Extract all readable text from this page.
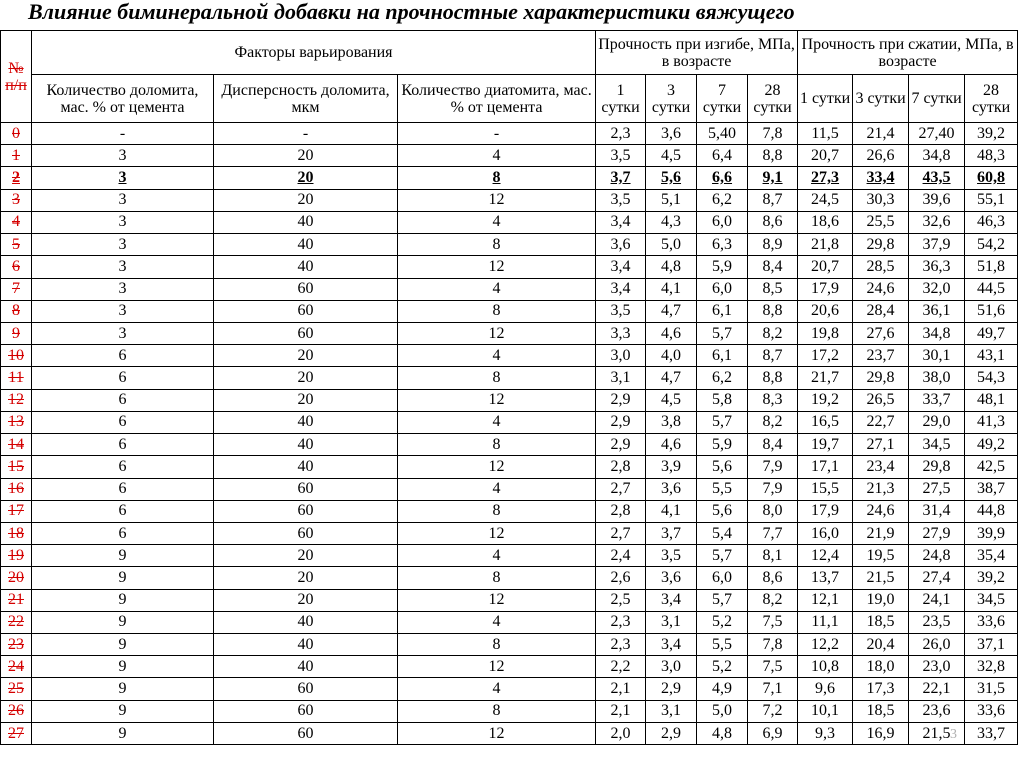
Влияние биминеральной добавки на прочностные характеристики вяжущего
№ п/п	Факторы варьирования			Прочность при изгибе, МПа, в возрасте				Прочность при сжатии, МПа, в возрасте			
	Количество доломита, мас. % от цемента	Дисперсность доломита, мкм	Количество диатомита, мас. % от цемента	1 сутки	3 сутки	7 сутки	28 сутки	1 сутки	3 сутки	7 сутки	28 сутки
0	-	-	-	2,3	3,6	5,40	7,8	11,5	21,4	27,40	39,2
1	3	20	4	3,5	4,5	6,4	8,8	20,7	26,6	34,8	48,3
2	3	20	8	3,7	5,6	6,6	9,1	27,3	33,4	43,5	60,8
3	3	20	12	3,5	5,1	6,2	8,7	24,5	30,3	39,6	55,1
4	3	40	4	3,4	4,3	6,0	8,6	18,6	25,5	32,6	46,3
5	3	40	8	3,6	5,0	6,3	8,9	21,8	29,8	37,9	54,2
6	3	40	12	3,4	4,8	5,9	8,4	20,7	28,5	36,3	51,8
7	3	60	4	3,4	4,1	6,0	8,5	17,9	24,6	32,0	44,5
8	3	60	8	3,5	4,7	6,1	8,8	20,6	28,4	36,1	51,6
9	3	60	12	3,3	4,6	5,7	8,2	19,8	27,6	34,8	49,7
10	6	20	4	3,0	4,0	6,1	8,7	17,2	23,7	30,1	43,1
11	6	20	8	3,1	4,7	6,2	8,8	21,7	29,8	38,0	54,3
12	6	20	12	2,9	4,5	5,8	8,3	19,2	26,5	33,7	48,1
13	6	40	4	2,9	3,8	5,7	8,2	16,5	22,7	29,0	41,3
14	6	40	8	2,9	4,6	5,9	8,4	19,7	27,1	34,5	49,2
15	6	40	12	2,8	3,9	5,6	7,9	17,1	23,4	29,8	42,5
16	6	60	4	2,7	3,6	5,5	7,9	15,5	21,3	27,5	38,7
17	6	60	8	2,8	4,1	5,6	8,0	17,9	24,6	31,4	44,8
18	6	60	12	2,7	3,7	5,4	7,7	16,0	21,9	27,9	39,9
19	9	20	4	2,4	3,5	5,7	8,1	12,4	19,5	24,8	35,4
20	9	20	8	2,6	3,6	6,0	8,6	13,7	21,5	27,4	39,2
21	9	20	12	2,5	3,4	5,7	8,2	12,1	19,0	24,1	34,5
22	9	40	4	2,3	3,1	5,2	7,5	11,1	18,5	23,5	33,6
23	9	40	8	2,3	3,4	5,5	7,8	12,2	20,4	26,0	37,1
24	9	40	12	2,2	3,0	5,2	7,5	10,8	18,0	23,0	32,8
25	9	60	4	2,1	2,9	4,9	7,1	9,6	17,3	22,1	31,5
26	9	60	8	2,1	3,1	5,0	7,2	10,1	18,5	23,6	33,6
27	9	60	12	2,0	2,9	4,8	6,9	9,3	16,9	21,5	33,7
3
